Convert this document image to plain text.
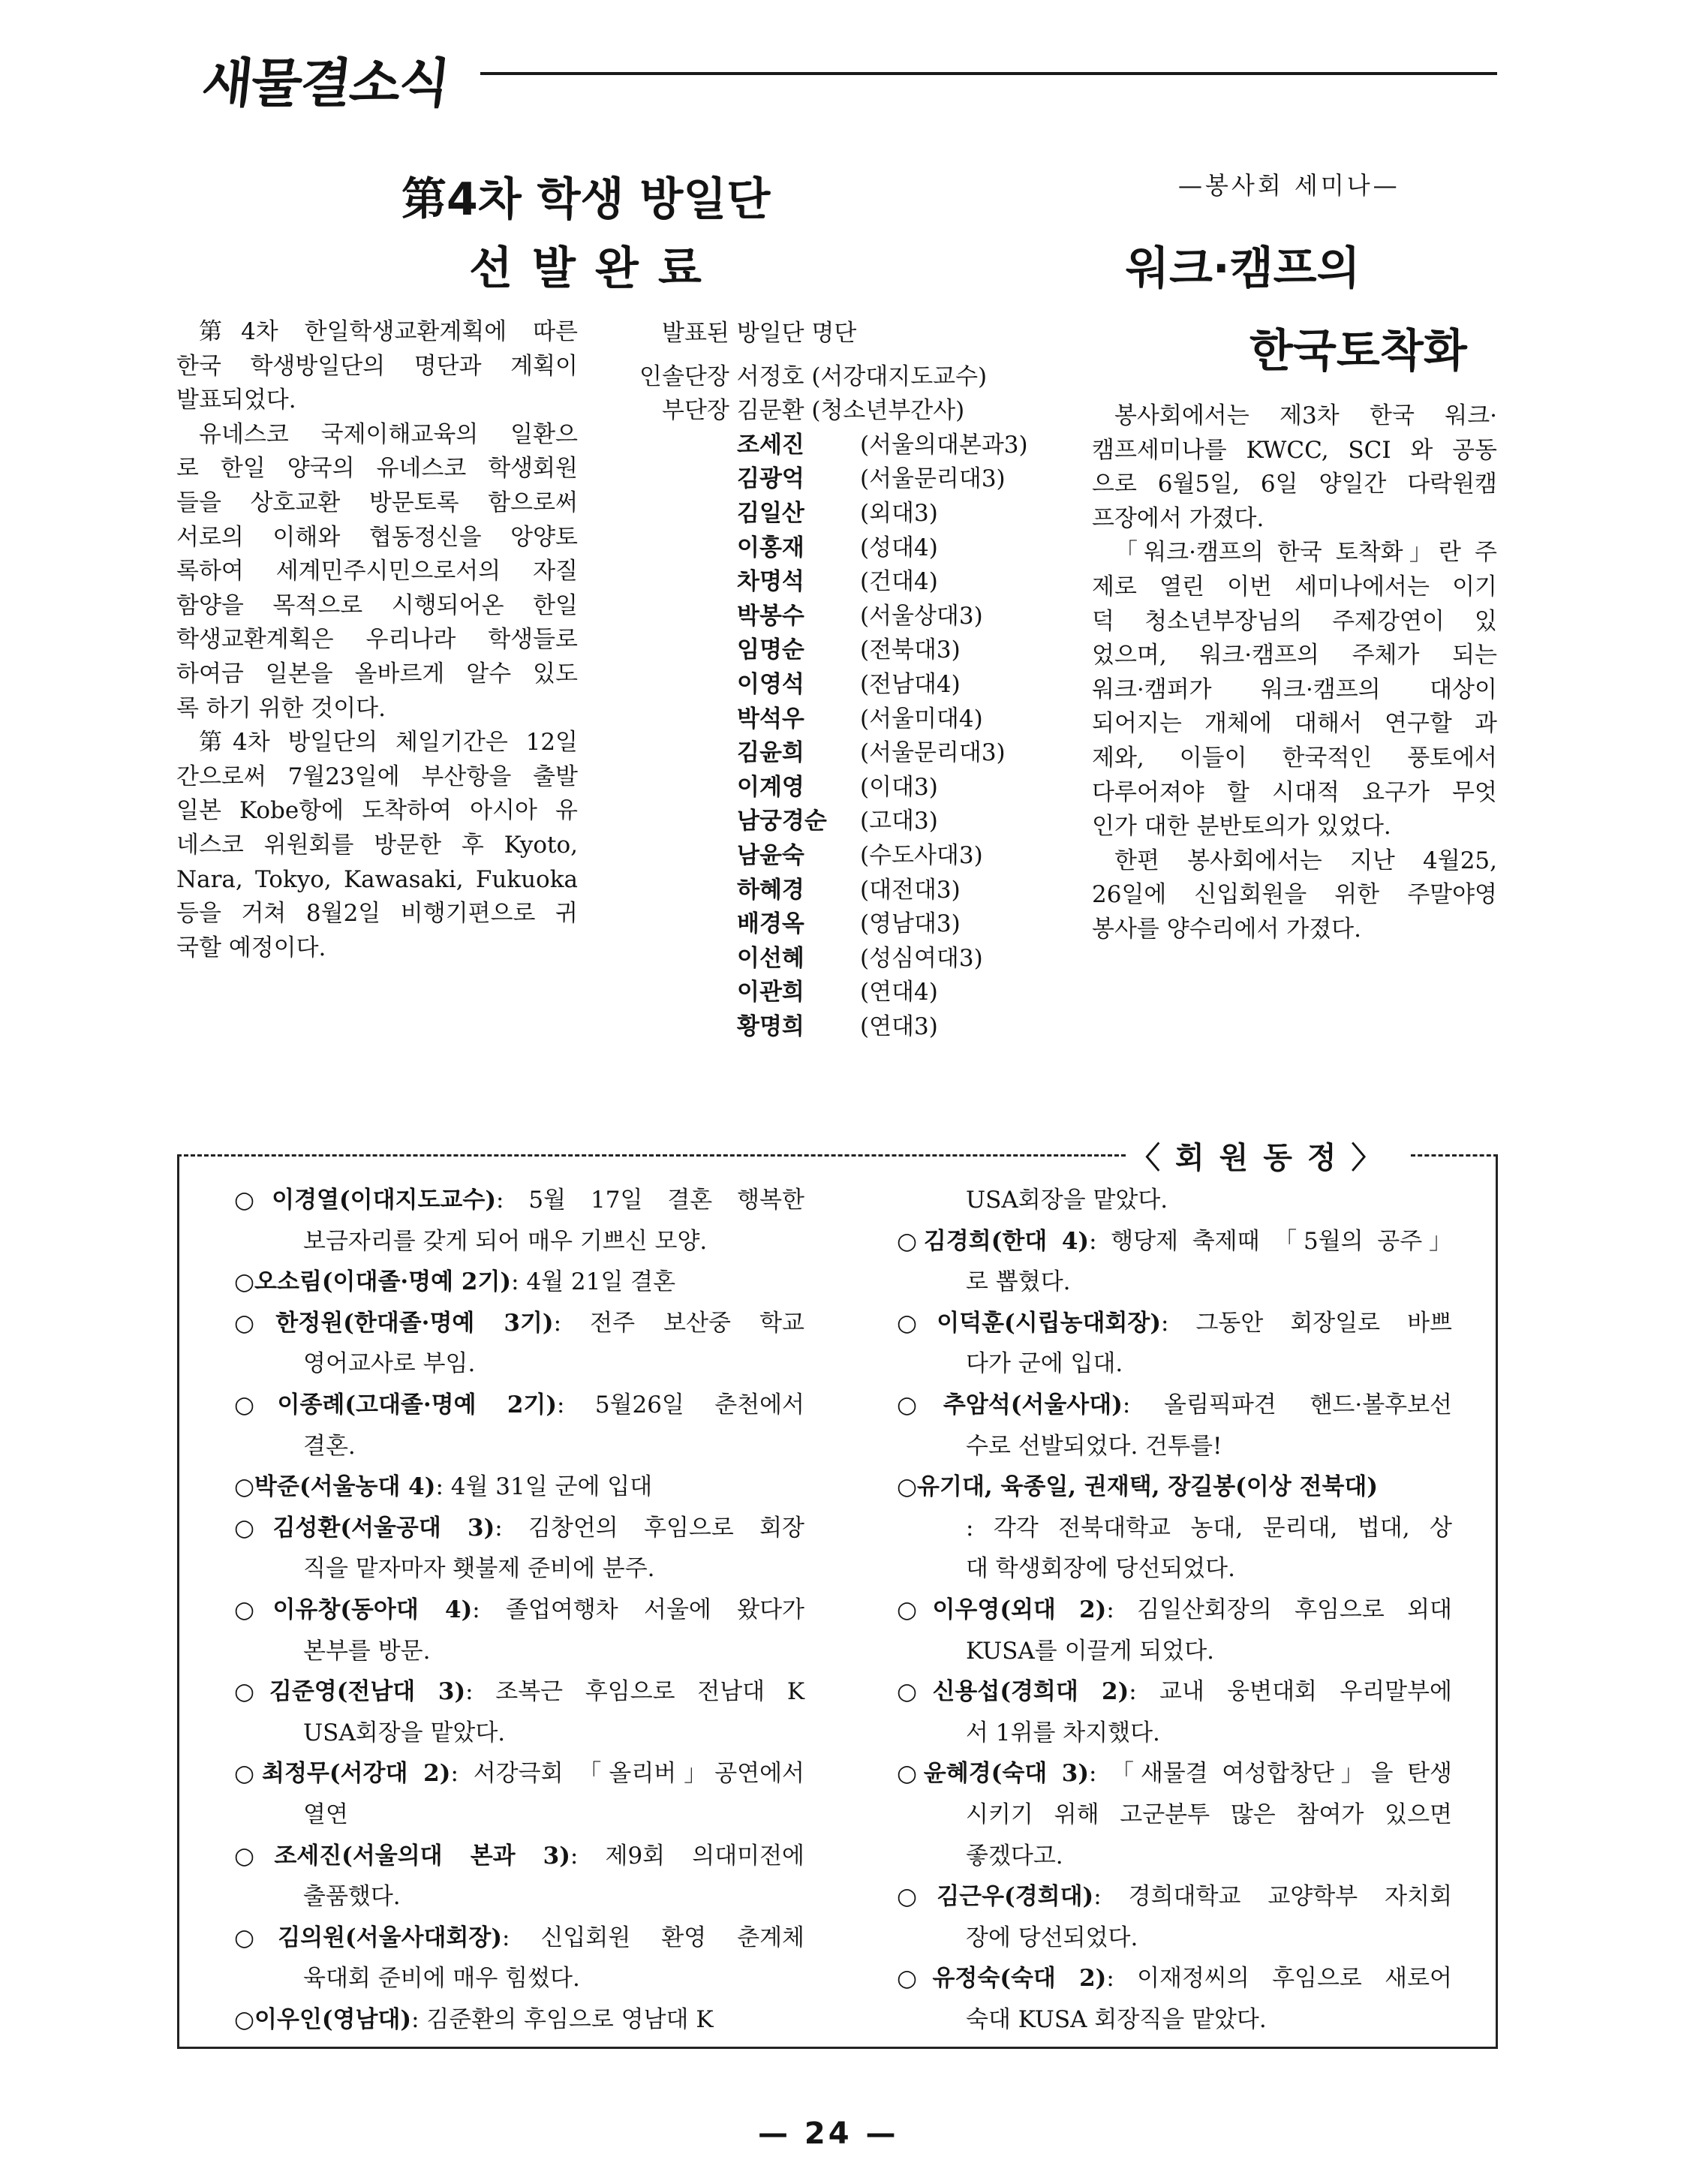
새물결소식
第4차 학생 방일단
선발완료

第4차 한일학생교환계획에 따른

한국 학생방일단의 명단과 계획이

발표되었다.

유네스코 국제이해교육의 일환으

로 한일 양국의 유네스코 학생회원

들을 상호교환 방문토록 함으로써

서로의 이해와 협동정신을 앙양토

록하여 세계민주시민으로서의 자질

함양을 목적으로 시행되어온 한일

학생교환계획은 우리나라 학생들로

하여금 일본을 올바르게 알수 있도

록 하기 위한 것이다.

第4차 방일단의 체일기간은 12일

간으로써 7월23일에 부산항을 출발

일본 Kobe항에 도착하여 아시아 유

네스코 위원회를 방문한 후 Kyoto,

Nara, Tokyo, Kawasaki, Fukuoka

등을 거쳐 8월2일 비행기편으로 귀

국할 예정이다.

발표된 방일단 명단
인솔단장 서정호 (서강대지도교수)
부단장 김문환 (청소년부간사)
조세진 (서울의대본과3)
김광억 (서울문리대3)
김일산 (외대3)
이홍재 (성대4)
차명석 (건대4)
박봉수 (서울상대3)
임명순 (전북대3)
이영석 (전남대4)
박석우 (서울미대4)
김윤희 (서울문리대3)
이계영 (이대3)
남궁경순 (고대3)
남윤숙 (수도사대3)
하혜경 (대전대3)
배경옥 (영남대3)
이선혜 (성심여대3)
이관희 (연대4)
황명희 (연대3)
—봉사회 세미나—
워크·캠프의
한국토착화

봉사회에서는 제3차 한국 워크·

캠프세미나를 KWCC, SCI 와 공동

으로 6월5일, 6일 양일간 다락원캠

프장에서 가졌다.

「워크·캠프의 한국 토착화」란 주

제로 열린 이번 세미나에서는 이기

덕 청소년부장님의 주제강연이 있

었으며, 워크·캠프의 주체가 되는

워크·캠퍼가 워크·캠프의 대상이

되어지는 개체에 대해서 연구할 과

제와, 이들이 한국적인 풍토에서

다루어져야 할 시대적 요구가 무엇

인가 대한 분반토의가 있었다.

한편 봉사회에서는 지난 4월25,

26일에 신입회원을 위한 주말야영

봉사를 양수리에서 가졌다.

〈회원동정〉
○이경열(이대지도교수): 5월 17일 결혼 행복한
보금자리를 갖게 되어 매우 기쁘신 모양.
○오소림(이대졸·명예 2기): 4월 21일 결혼
○한정원(한대졸·명예 3기): 전주 보산중 학교
영어교사로 부임.
○이종례(고대졸·명예 2기): 5월26일 춘천에서
결혼.
○박준(서울농대 4): 4월 31일 군에 입대
○김성환(서울공대 3): 김창언의 후임으로 회장
직을 맡자마자 횃불제 준비에 분주.
○이유창(동아대 4): 졸업여행차 서울에 왔다가
본부를 방문.
○김준영(전남대 3): 조복근 후임으로 전남대 K
USA회장을 맡았다.
○최정무(서강대 2): 서강극회 「올리버」공연에서
열연
○조세진(서울의대 본과 3): 제9회 의대미전에
출품했다.
○김의원(서울사대회장): 신입회원 환영 춘계체
육대회 준비에 매우 힘썼다.
○이우인(영남대): 김준환의 후임으로 영남대 K
USA회장을 맡았다.
○김경희(한대 4): 행당제 축제때 「5월의 공주」
로 뽑혔다.
○이덕훈(시립농대회장): 그동안 회장일로 바쁘
다가 군에 입대.
○추암석(서울사대): 올림픽파견 핸드·볼후보선
수로 선발되었다. 건투를!
○유기대, 육종일, 권재택, 장길봉(이상 전북대)
: 각각 전북대학교 농대, 문리대, 법대, 상
대 학생회장에 당선되었다.
○이우영(외대 2): 김일산회장의 후임으로 외대
KUSA를 이끌게 되었다.
○신용섭(경희대 2): 교내 웅변대회 우리말부에
서 1위를 차지했다.
○윤혜경(숙대 3): 「새물결 여성합창단」을 탄생
시키기 위해 고군분투 많은 참여가 있으면
좋겠다고.
○김근우(경희대): 경희대학교 교양학부 자치회
장에 당선되었다.
○유정숙(숙대 2): 이재정씨의 후임으로 새로어
숙대 KUSA 회장직을 맡았다.
— 24 —
